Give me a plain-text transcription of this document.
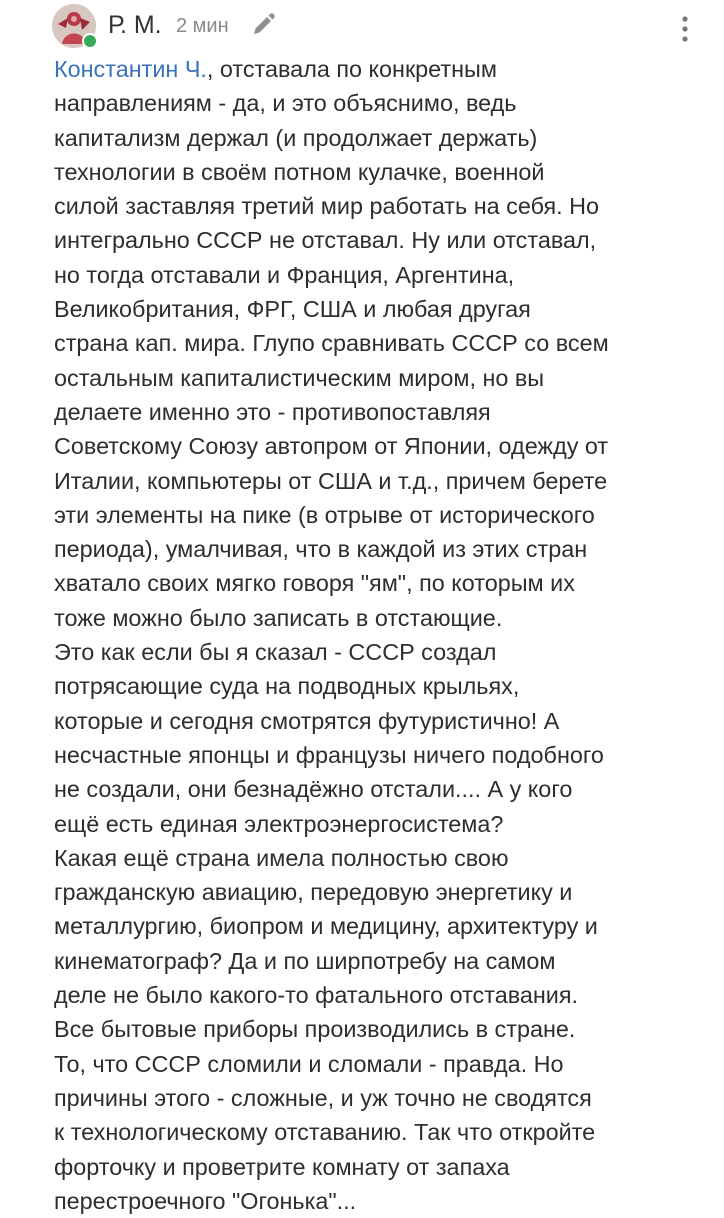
Р. М. 2 мин
Константин Ч., отставала по конкретным
направлениям - да, и это объяснимо, ведь
капитализм держал (и продолжает держать)
технологии в своём потном кулачке, военной
силой заставляя третий мир работать на себя. Но
интегрально СССР не отставал. Ну или отставал,
но тогда отставали и Франция, Аргентина,
Великобритания, ФРГ, США и любая другая
страна кап. мира. Глупо сравнивать СССР со всем
остальным капиталистическим миром, но вы
делаете именно это - противопоставляя
Советскому Союзу автопром от Японии, одежду от
Италии, компьютеры от США и т.д., причем берете
эти элементы на пике (в отрыве от исторического
периода), умалчивая, что в каждой из этих стран
хватало своих мягко говоря "ям", по которым их
тоже можно было записать в отстающие.
Это как если бы я сказал - СССР создал
потрясающие суда на подводных крыльях,
которые и сегодня смотрятся футуристично! А
несчастные японцы и французы ничего подобного
не создали, они безнадёжно отстали.... А у кого
ещё есть единая электроэнергосистема?
Какая ещё страна имела полностью свою
гражданскую авиацию, передовую энергетику и
металлургию, биопром и медицину, архитектуру и
кинематограф? Да и по ширпотребу на самом
деле не было какого-то фатального отставания.
Все бытовые приборы производились в стране.
То, что СССР сломили и сломали - правда. Но
причины этого - сложные, и уж точно не сводятся
к технологическому отставанию. Так что откройте
форточку и проветрите комнату от запаха
перестроечного "Огонька"...
